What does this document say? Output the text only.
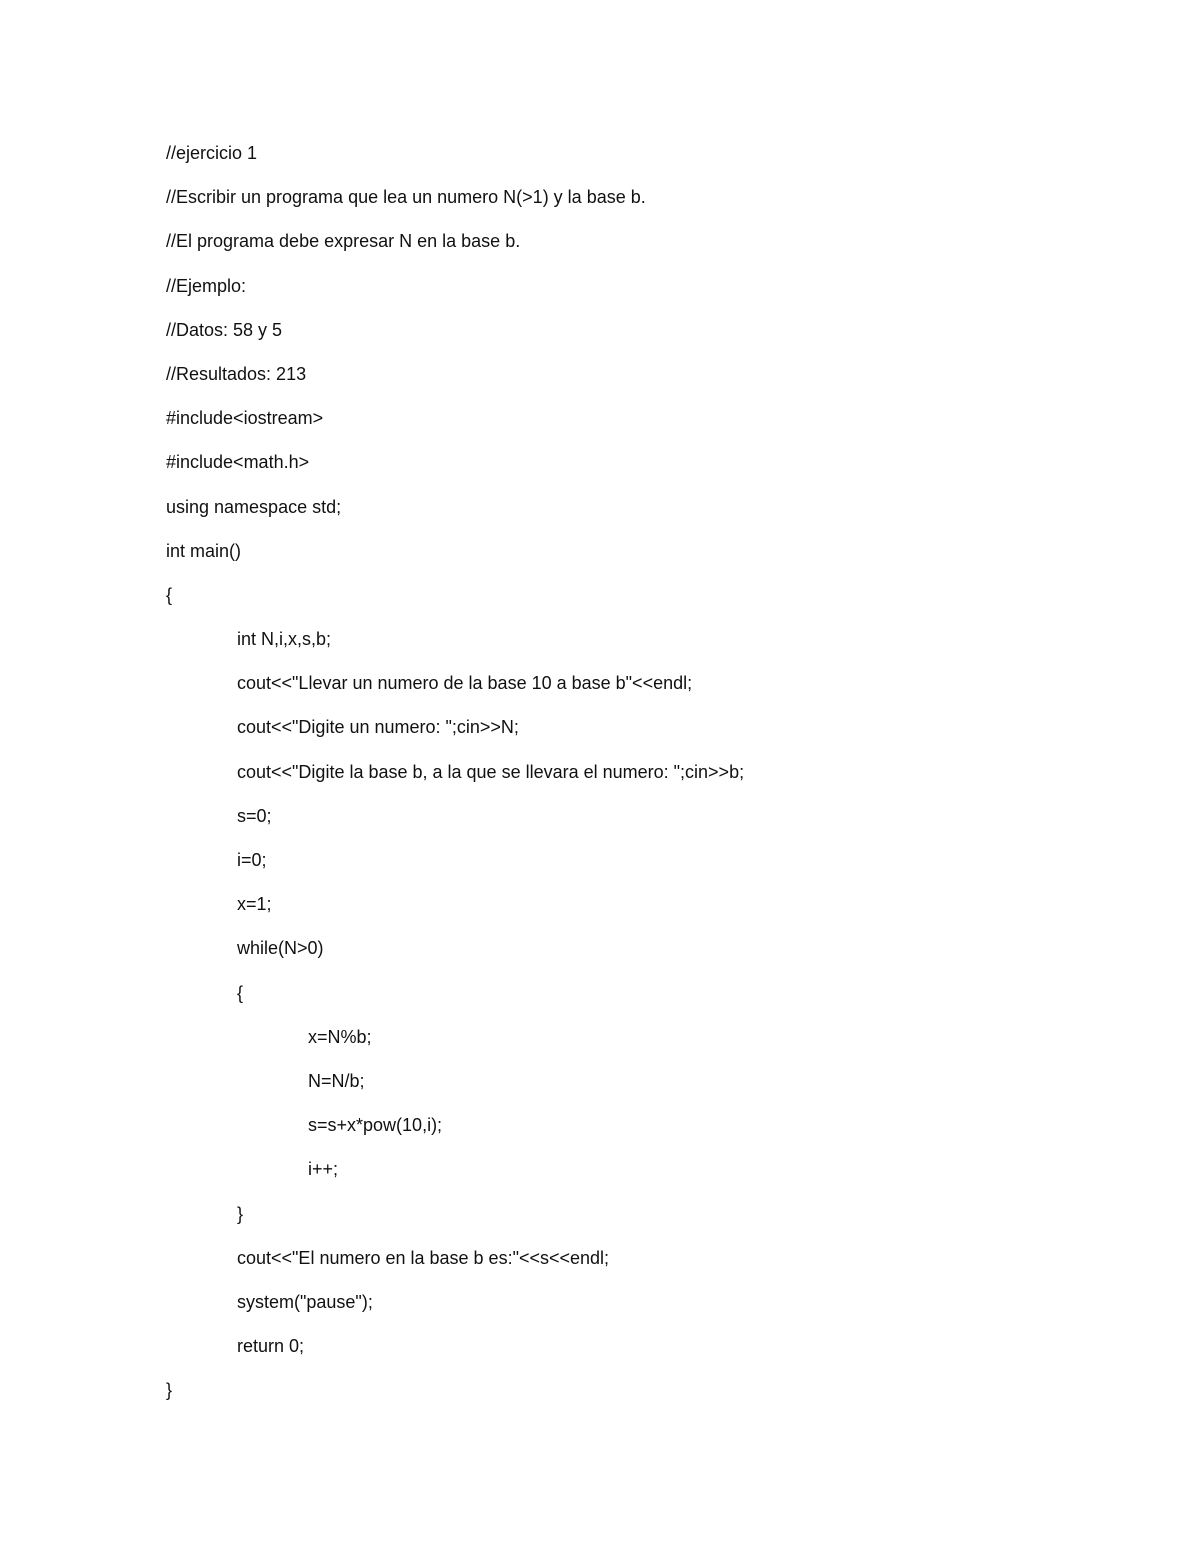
//ejercicio 1
//Escribir un programa que lea un numero N(>1) y la base b.
//El programa debe expresar N en la base b.
//Ejemplo:
//Datos: 58 y 5
//Resultados: 213
#include<iostream>
#include<math.h>
using namespace std;
int main()
{
int N,i,x,s,b;
cout<<"Llevar un numero de la base 10 a base b"<<endl;
cout<<"Digite un numero: ";cin>>N;
cout<<"Digite la base b, a la que se llevara el numero: ";cin>>b;
s=0;
i=0;
x=1;
while(N>0)
{
x=N%b;
N=N/b;
s=s+x*pow(10,i);
i++;
}
cout<<"El numero en la base b es:"<<s<<endl;
system("pause");
return 0;
}
